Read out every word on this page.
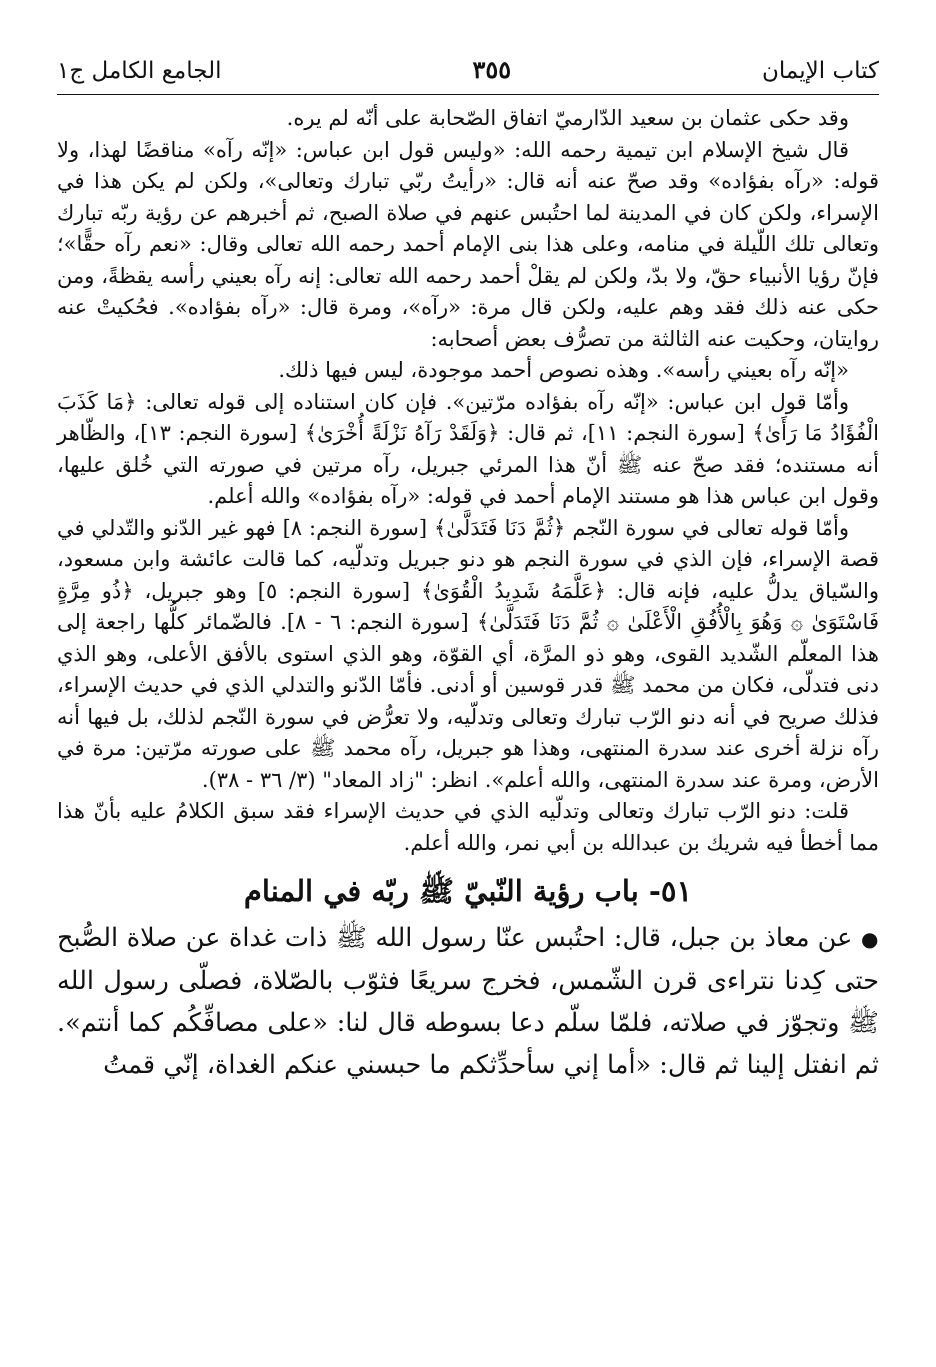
كتاب الإيمان
٣٥٥
الجامع الكامل ج١

وقد حكى عثمان بن سعيد الدّارميّ اتفاق الصّحابة على أنّه لم يره.

قال شيخ الإسلام ابن تيمية رحمه الله: «وليس قول ابن عباس: «إنّه رآه» مناقضًا لهذا، ولا قوله: «رآه بفؤاده» وقد صحّ عنه أنه قال: «رأيتُ ربّي تبارك وتعالى»، ولكن لم يكن هذا في الإسراء، ولكن كان في المدينة لما احتُبس عنهم في صلاة الصبح، ثم أخبرهم عن رؤية ربّه تبارك وتعالى تلك اللّيلة في منامه، وعلى هذا بنى الإمام أحمد رحمه الله تعالى وقال: «نعم رآه حقًّا»؛ فإنّ رؤيا الأنبياء حقّ، ولا بدّ، ولكن لم يقلْ أحمد رحمه الله تعالى: إنه رآه بعيني رأسه يقظةً، ومن حكى عنه ذلك فقد وهم عليه، ولكن قال مرة: «رآه»، ومرة قال: «رآه بفؤاده». فحُكيتْ عنه روايتان، وحكيت عنه الثالثة من تصرُّف بعض أصحابه:

«إنّه رآه بعيني رأسه». وهذه نصوص أحمد موجودة، ليس فيها ذلك.

وأمّا قول ابن عباس: «إنّه رآه بفؤاده مرّتين». فإن كان استناده إلى قوله تعالى: ﴿مَا كَذَبَ الْفُؤَادُ مَا رَأَىٰ﴾ [سورة النجم: ١١]، ثم قال: ﴿وَلَقَدْ رَآهُ نَزْلَةً أُخْرَىٰ﴾ [سورة النجم: ١٣]، والظّاهر أنه مستنده؛ فقد صحّ عنه ﷺ أنّ هذا المرئي جبريل، رآه مرتين في صورته التي خُلق عليها، وقول ابن عباس هذا هو مستند الإمام أحمد في قوله: «رآه بفؤاده» والله أعلم.

وأمّا قوله تعالى في سورة النّجم ﴿ثُمَّ دَنَا فَتَدَلَّىٰ﴾ [سورة النجم: ٨] فهو غير الدّنو والتّدلي في قصة الإسراء، فإن الذي في سورة النجم هو دنو جبريل وتدلّيه، كما قالت عائشة وابن مسعود، والسّياق يدلُّ عليه، فإنه قال: ﴿عَلَّمَهُ شَدِيدُ الْقُوَىٰ﴾ [سورة النجم: ٥] وهو جبريل، ﴿ذُو مِرَّةٍ فَاسْتَوَىٰ ۞ وَهُوَ بِالْأُفُقِ الْأَعْلَىٰ ۞ ثُمَّ دَنَا فَتَدَلَّىٰ﴾ [سورة النجم: ٦ - ٨]. فالضّمائر كلُّها راجعة إلى هذا المعلّم الشّديد القوى، وهو ذو المرَّة، أي القوّة، وهو الذي استوى بالأفق الأعلى، وهو الذي دنى فتدلّى، فكان من محمد ﷺ قدر قوسين أو أدنى. فأمّا الدّنو والتدلي الذي في حديث الإسراء، فذلك صريح في أنه دنو الرّب تبارك وتعالى وتدلّيه، ولا تعرُّض في سورة النّجم لذلك، بل فيها أنه رآه نزلة أخرى عند سدرة المنتهى، وهذا هو جبريل، رآه محمد ﷺ على صورته مرّتين: مرة في الأرض، ومرة عند سدرة المنتهى، والله أعلم». انظر: "زاد المعاد" (٣/ ٣٦ - ٣٨).

قلت: دنو الرّب تبارك وتعالى وتدلّيه الذي في حديث الإسراء فقد سبق الكلامُ عليه بأنّ هذا مما أخطأ فيه شريك بن عبدالله بن أبي نمر، والله أعلم.

٥١- باب رؤية النّبيّ ﷺ ربّه في المنام

● عن معاذ بن جبل، قال: احتُبس عنّا رسول الله ﷺ ذات غداة عن صلاة الصُّبح حتى كِدنا نتراءى قرن الشّمس، فخرج سريعًا فثوّب بالصّلاة، فصلّى رسول الله ﷺ وتجوّز في صلاته، فلمّا سلّم دعا بسوطه قال لنا: «على مصافِّكُم كما أنتم». ثم انفتل إلينا ثم قال: «أما إني سأحدِّثكم ما حبسني عنكم الغداة، إنّي قمتُ
